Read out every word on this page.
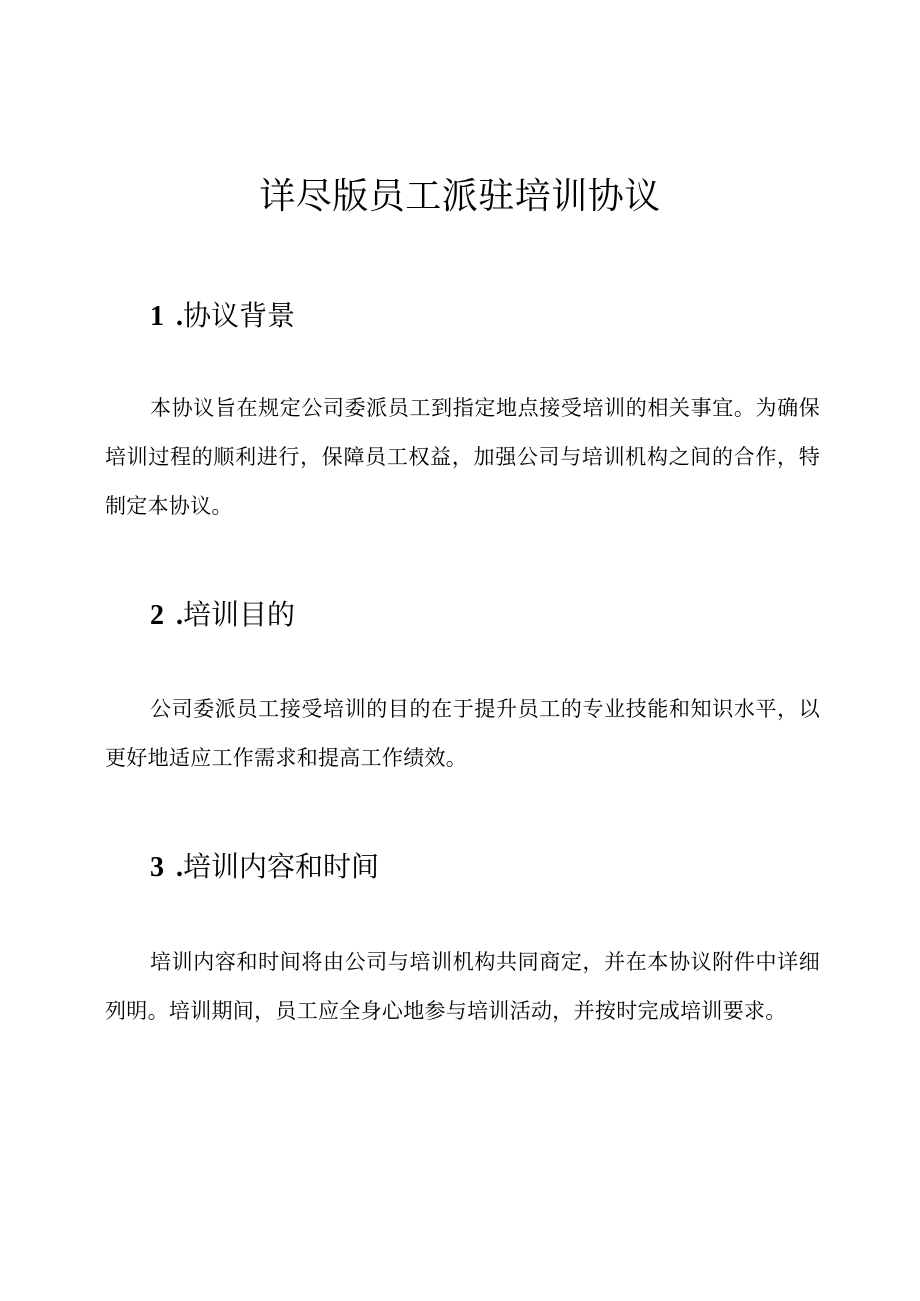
详尽版员工派驻培训协议
1 .协议背景

本协议旨在规定公司委派员工到指定地点接受培训的相关事宜。为确保培训过程的顺利进行，保障员工权益，加强公司与培训机构之间的合作，特制定本协议。

2 .培训目的

公司委派员工接受培训的目的在于提升员工的专业技能和知识水平，以更好地适应工作需求和提高工作绩效。

3 .培训内容和时间

培训内容和时间将由公司与培训机构共同商定，并在本协议附件中详细列明。培训期间，员工应全身心地参与培训活动，并按时完成培训要求。
